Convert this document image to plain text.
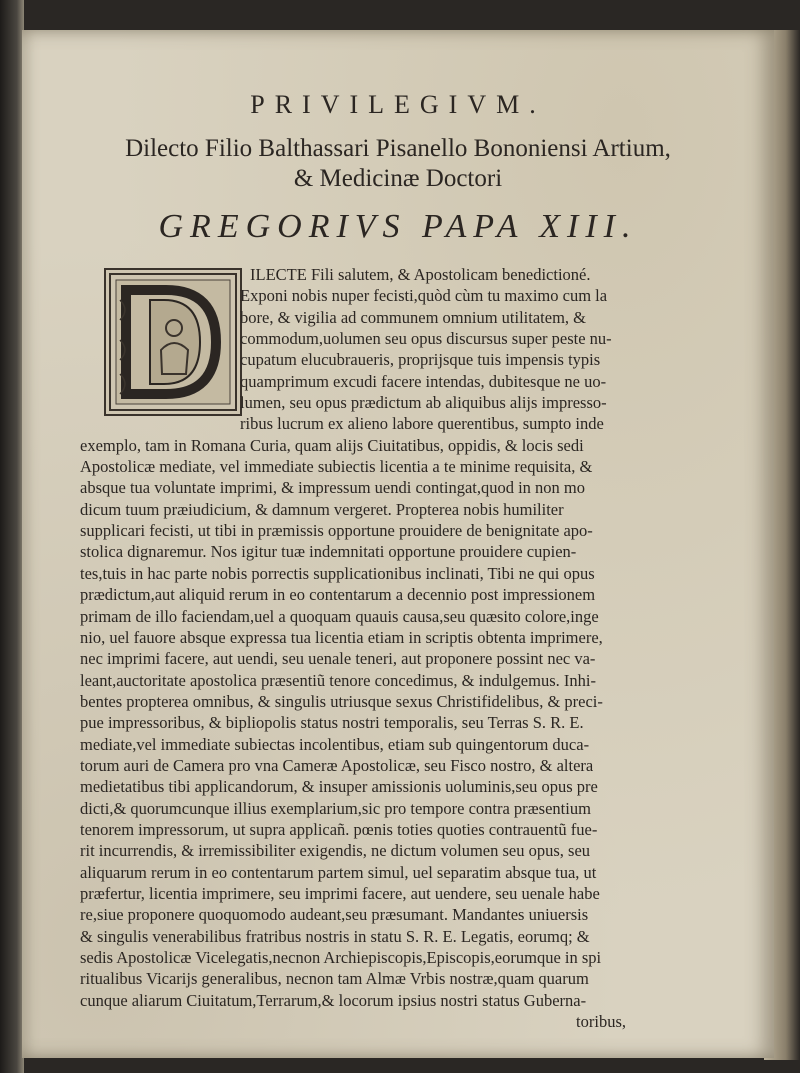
PRIVILEGIVM.
Dilecto Filio Balthassari Pisanello Bononiensi Artium,
& Medicinæ Doctori
GREGORIVS PAPA XIII.
ILECTE Fili salutem, & Apostolicam benedictioné.
Exponi nobis nuper fecisti,quòd cùm tu maximo cum la
bore, & vigilia ad communem omnium utilitatem, &
commodum,uolumen seu opus discursus super peste nu-
cupatum elucubraueris, proprijsque tuis impensis typis
quamprimum excudi facere intendas, dubitesque ne uo-
lumen, seu opus prædictum ab aliquibus alijs impresso-
ribus lucrum ex alieno labore querentibus, sumpto inde
exemplo, tam in Romana Curia, quam alijs Ciuitatibus, oppidis, & locis sedi
Apostolicæ mediate, vel immediate subiectis licentia a te minime requisita, &
absque tua voluntate imprimi, & impressum uendi contingat,quod in non mo
dicum tuum præiudicium, & damnum vergeret. Propterea nobis humiliter
supplicari fecisti, ut tibi in præmissis opportune prouidere de benignitate apo-
stolica dignaremur. Nos igitur tuæ indemnitati opportune prouidere cupien-
tes,tuis in hac parte nobis porrectis supplicationibus inclinati, Tibi ne qui opus
prædictum,aut aliquid rerum in eo contentarum a decennio post impressionem
primam de illo faciendam,uel a quoquam quauis causa,seu quæsito colore,inge
nio, uel fauore absque expressa tua licentia etiam in scriptis obtenta imprimere,
nec imprimi facere, aut uendi, seu uenale teneri, aut proponere possint nec va-
leant,auctoritate apostolica præsentiũ tenore concedimus, & indulgemus. Inhi-
bentes propterea omnibus, & singulis utriusque sexus Christifidelibus, & preci-
pue impressoribus, & bipliopolis status nostri temporalis, seu Terras S. R. E.
mediate,vel immediate subiectas incolentibus, etiam sub quingentorum duca-
torum auri de Camera pro vna Cameræ Apostolicæ, seu Fisco nostro, & altera
medietatibus tibi applicandorum, & insuper amissionis uoluminis,seu opus pre
dicti,& quorumcunque illius exemplarium,sic pro tempore contra præsentium
tenorem impressorum, ut supra applicañ. pœnis toties quoties contrauentũ fue-
rit incurrendis, & irremissibiliter exigendis, ne dictum volumen seu opus, seu
aliquarum rerum in eo contentarum partem simul, uel separatim absque tua, ut
præfertur, licentia imprimere, seu imprimi facere, aut uendere, seu uenale habe
re,siue proponere quoquomodo audeant,seu præsumant. Mandantes uniuersis
& singulis venerabilibus fratribus nostris in statu S. R. E. Legatis, eorumq; &
sedis Apostolicæ Vicelegatis,necnon Archiepiscopis,Episcopis,eorumque in spi
ritualibus Vicarijs generalibus, necnon tam Almæ Vrbis nostræ,quam quarum
cunque aliarum Ciuitatum,Terrarum,& locorum ipsius nostri status Guberna-
toribus,
